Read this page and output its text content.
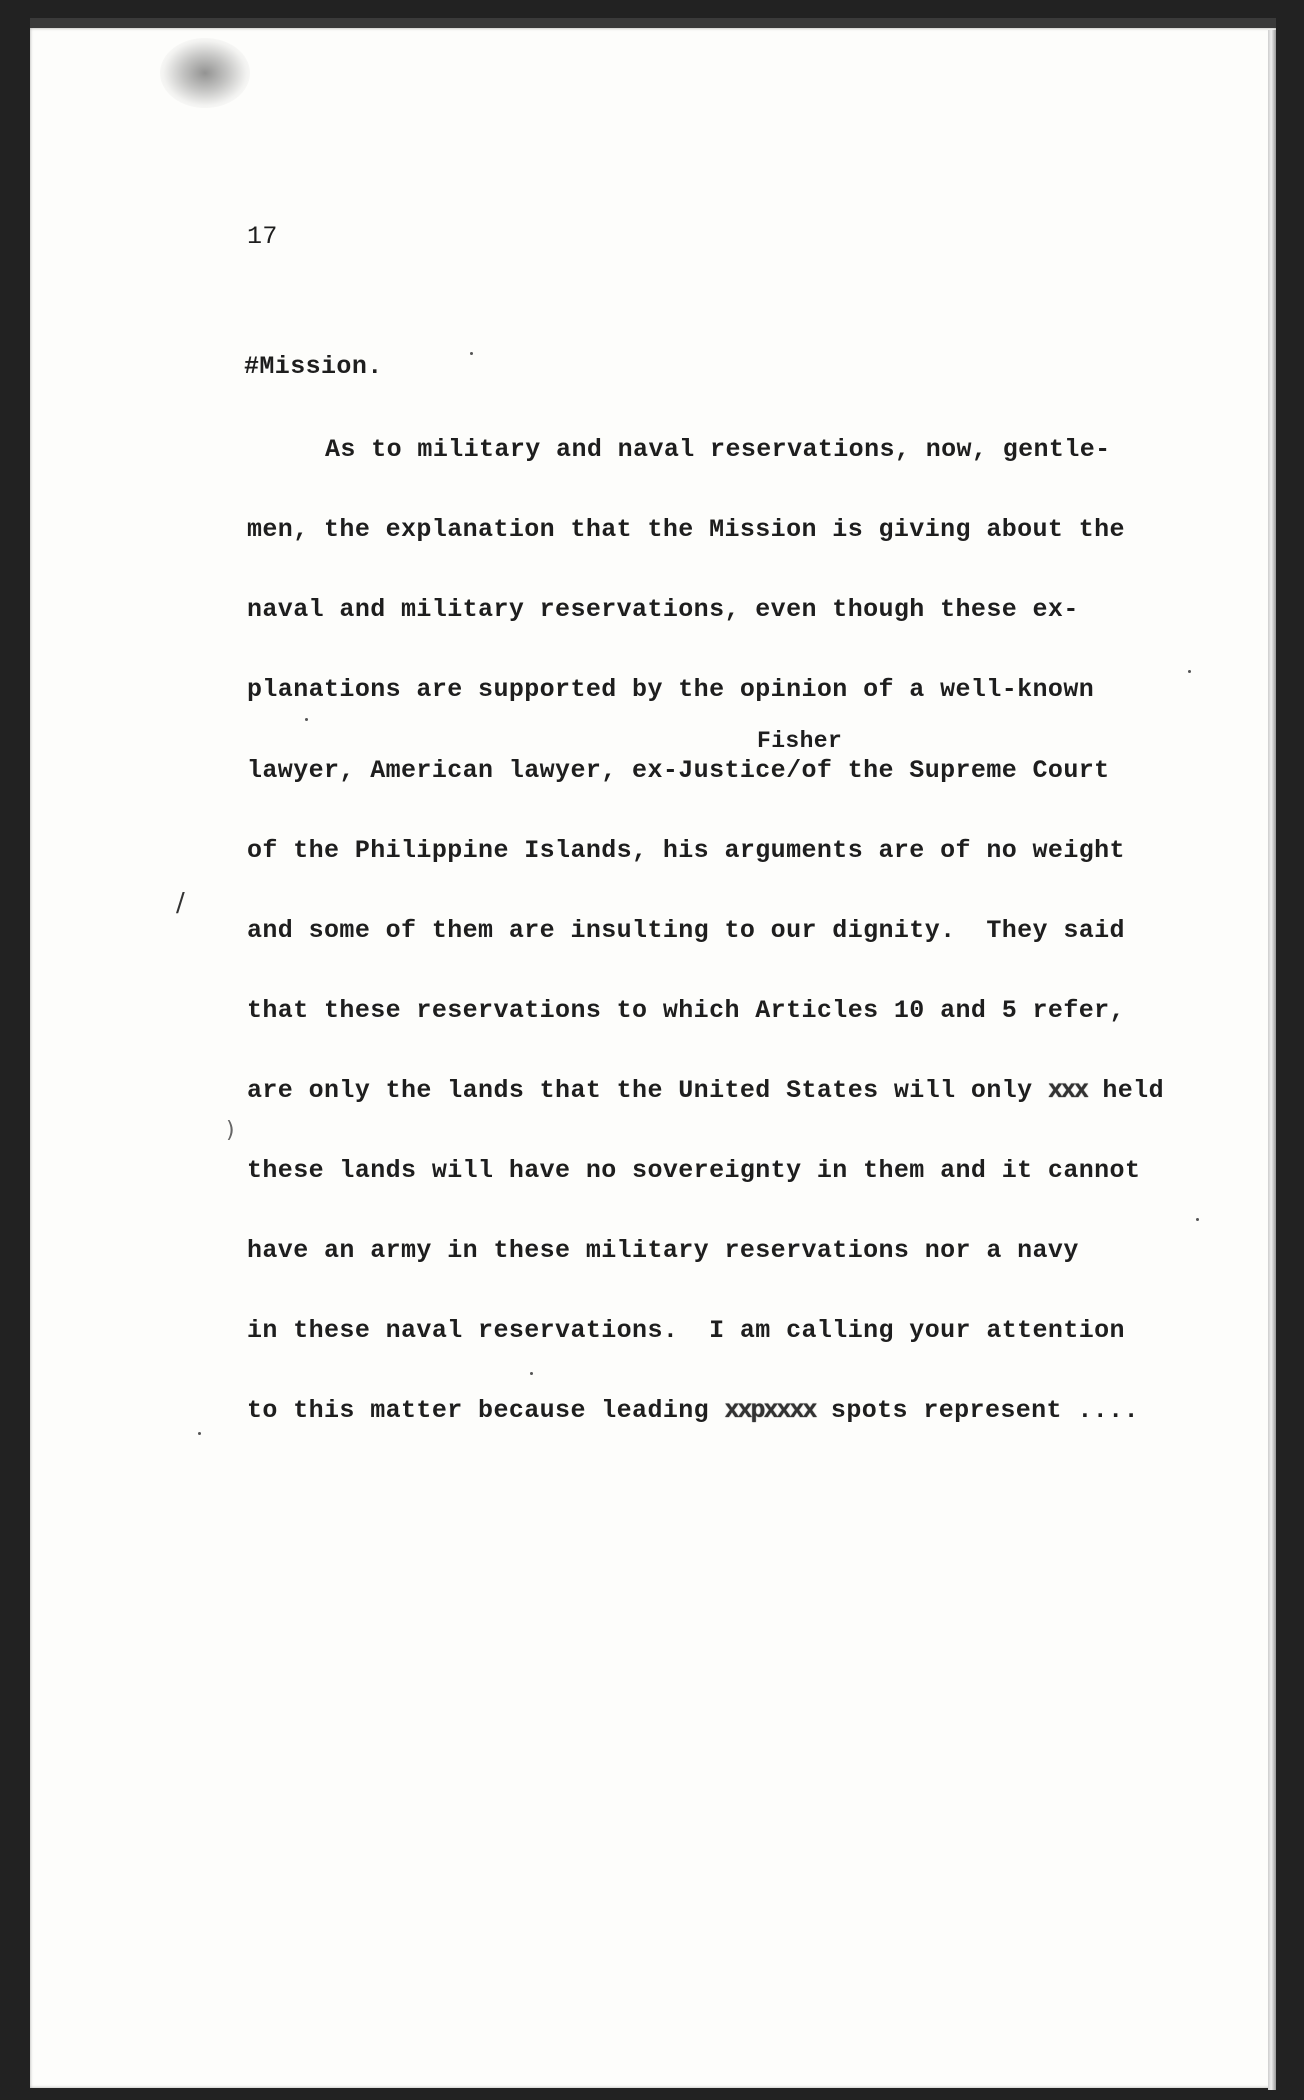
17
#Mission.
Fisher
As to military and naval reservations, now, gentle-
men, the explanation that the Mission is giving about the
naval and military reservations, even though these ex-
planations are supported by the opinion of a well-known
lawyer, American lawyer, ex-Justice/of the Supreme Court
of the Philippine Islands, his arguments are of no weight
and some of them are insulting to our dignity.  They said
that these reservations to which Articles 10 and 5 refer,
are only the lands that the United States will only xxx held
these lands will have no sovereignty in them and it cannot
have an army in these military reservations nor a navy
in these naval reservations.  I am calling your attention
to this matter because leading xxpxxxx spots represent ....
/
)
